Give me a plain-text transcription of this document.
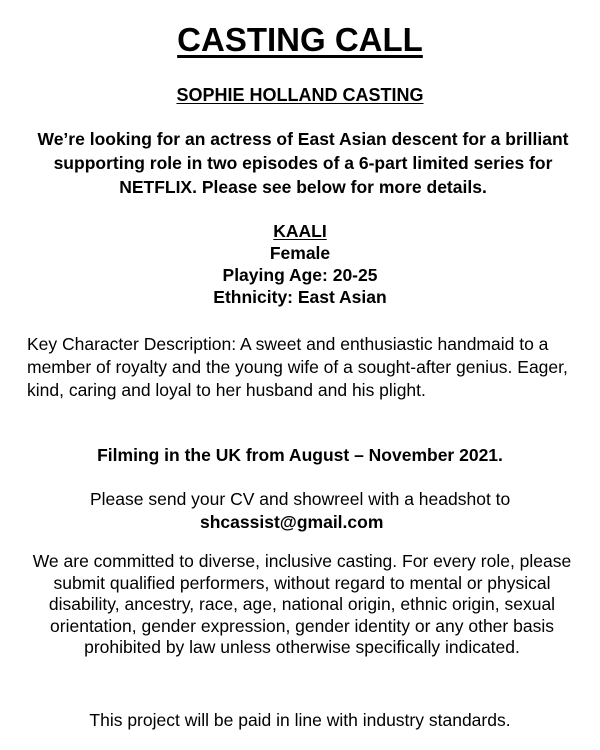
CASTING CALL
SOPHIE HOLLAND CASTING
We’re looking for an actress of East Asian descent for a brilliant supporting role in two episodes of a 6-part limited series for NETFLIX. Please see below for more details.
KAALI
Female
Playing Age: 20-25
Ethnicity: East Asian
Key Character Description: A sweet and enthusiastic handmaid to a member of royalty and the young wife of a sought-after genius. Eager, kind, caring and loyal to her husband and his plight.
Filming in the UK from August – November 2021.
Please send your CV and showreel with a headshot to
shcassist@gmail.com
We are committed to diverse, inclusive casting. For every role, please submit qualified performers, without regard to mental or physical disability, ancestry, race, age, national origin, ethnic origin, sexual orientation, gender expression, gender identity or any other basis prohibited by law unless otherwise specifically indicated.
This project will be paid in line with industry standards.
